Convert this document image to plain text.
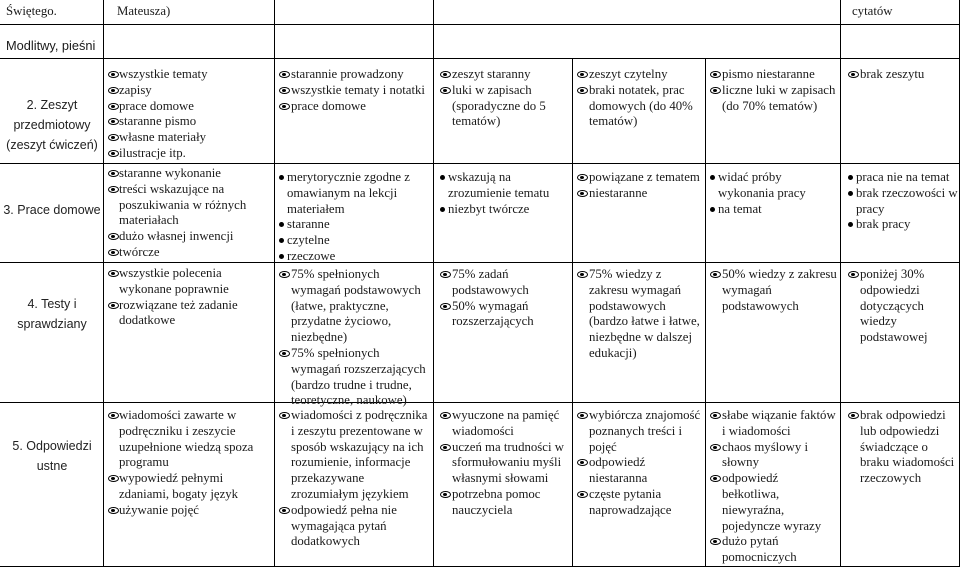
Świętego.	Mateusza)	cytatów
Modlitwy, pieśni
2. Zeszyt przedmiotowy (zeszyt ćwiczeń)
wszystkie tematy
zapisy
prace domowe
staranne pismo
własne materiały
ilustracje itp.
starannie prowadzony
wszystkie tematy i notatki
prace domowe
zeszyt staranny
luki w zapisach (sporadyczne do 5 tematów)
zeszyt czytelny
braki notatek, prac domowych (do 40% tematów)
pismo niestaranne
liczne luki w zapisach (do 70% tematów)
brak zeszytu
3. Prace domowe
staranne wykonanie
treści wskazujące na poszukiwania w różnych materiałach
dużo własnej inwencji
twórcze
merytorycznie zgodne z omawianym na lekcji materiałem
staranne
czytelne
rzeczowe
wskazują na zrozumienie tematu
niezbyt twórcze
powiązane z tematem
niestaranne
widać próby wykonania pracy
na temat
praca nie na temat
brak rzeczowości w pracy
brak pracy
4. Testy i sprawdziany
wszystkie polecenia wykonane poprawnie
rozwiązane też zadanie dodatkowe
75% spełnionych wymagań podstawowych (łatwe, praktyczne, przydatne życiowo, niezbędne)
75% spełnionych wymagań rozszerzających (bardzo trudne i trudne, teoretyczne, naukowe)
75% zadań podstawowych
50% wymagań rozszerzających
75% wiedzy z zakresu wymagań podstawowych (bardzo łatwe i łatwe, niezbędne w dalszej edukacji)
50% wiedzy z zakresu wymagań podstawowych
poniżej 30% odpowiedzi dotyczących wiedzy podstawowej
5. Odpowiedzi ustne
wiadomości zawarte w podręczniku i zeszycie uzupełnione wiedzą spoza programu
wypowiedź pełnymi zdaniami, bogaty język
używanie pojęć
wiadomości z podręcznika i zeszytu prezentowane w sposób wskazujący na ich rozumienie, informacje przekazywane zrozumiałym językiem
odpowiedź pełna nie wymagająca pytań dodatkowych
wyuczone na pamięć wiadomości
uczeń ma trudności w sformułowaniu myśli własnymi słowami
potrzebna pomoc nauczyciela
wybiórcza znajomość poznanych treści i pojęć
odpowiedź niestaranna
częste pytania naprowadzające
słabe wiązanie faktów i wiadomości
chaos myślowy i słowny
odpowiedź bełkotliwa, niewyraźna, pojedyncze wyrazy
dużo pytań pomocniczych
brak odpowiedzi lub odpowiedzi świadczące o braku wiadomości rzeczowych
